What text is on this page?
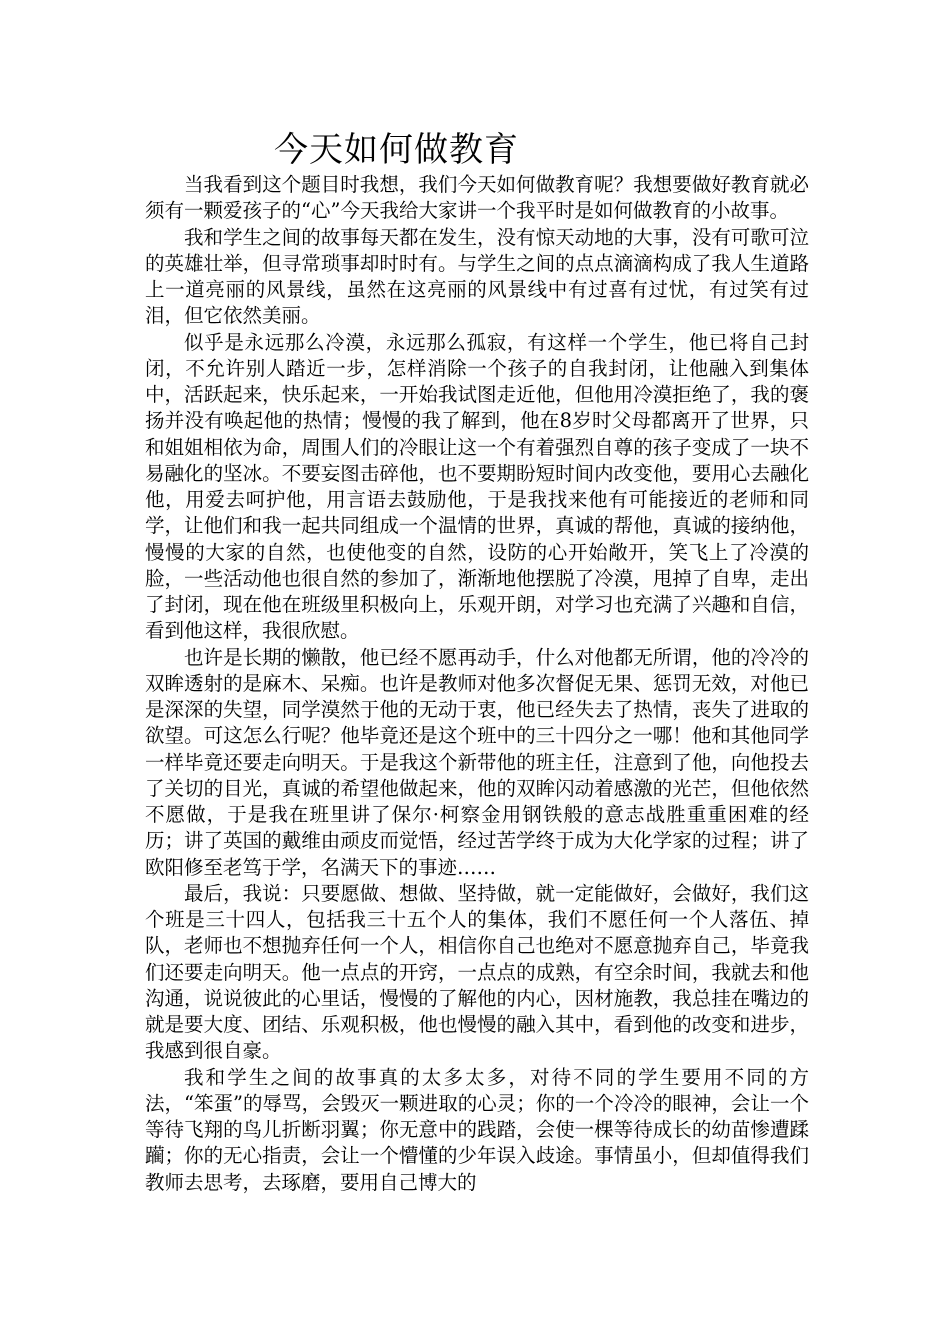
今天如何做教育

当我看到这个题目时我想，我们今天如何做教育呢？我想要做好教育就必须有一颗爱孩子的“心”今天我给大家讲一个我平时是如何做教育的小故事。

我和学生之间的故事每天都在发生，没有惊天动地的大事，没有可歌可泣的英雄壮举，但寻常琐事却时时有。与学生之间的点点滴滴构成了我人生道路上一道亮丽的风景线，虽然在这亮丽的风景线中有过喜有过忧，有过笑有过泪，但它依然美丽。

似乎是永远那么冷漠，永远那么孤寂，有这样一个学生，他已将自己封闭，不允许别人踏近一步，怎样消除一个孩子的自我封闭，让他融入到集体中，活跃起来，快乐起来，一开始我试图走近他，但他用冷漠拒绝了，我的褒扬并没有唤起他的热情；慢慢的我了解到，他在8岁时父母都离开了世界，只和姐姐相依为命，周围人们的冷眼让这一个有着强烈自尊的孩子变成了一块不易融化的坚冰。不要妄图击碎他，也不要期盼短时间内改变他，要用心去融化他，用爱去呵护他，用言语去鼓励他，于是我找来他有可能接近的老师和同学，让他们和我一起共同组成一个温情的世界，真诚的帮他，真诚的接纳他，慢慢的大家的自然，也使他变的自然，设防的心开始敞开，笑飞上了冷漠的脸，一些活动他也很自然的参加了，渐渐地他摆脱了冷漠，甩掉了自卑，走出了封闭，现在他在班级里积极向上，乐观开朗，对学习也充满了兴趣和自信，看到他这样，我很欣慰。

也许是长期的懒散，他已经不愿再动手，什么对他都无所谓，他的冷冷的双眸透射的是麻木、呆痴。也许是教师对他多次督促无果、惩罚无效，对他已是深深的失望，同学漠然于他的无动于衷，他已经失去了热情，丧失了进取的欲望。可这怎么行呢？他毕竟还是这个班中的三十四分之一哪！他和其他同学一样毕竟还要走向明天。于是我这个新带他的班主任，注意到了他，向他投去了关切的目光，真诚的希望他做起来，他的双眸闪动着感激的光芒，但他依然不愿做，于是我在班里讲了保尔·柯察金用钢铁般的意志战胜重重困难的经历；讲了英国的戴维由顽皮而觉悟，经过苦学终于成为大化学家的过程；讲了欧阳修至老笃于学，名满天下的事迹……

最后，我说：只要愿做、想做、坚持做，就一定能做好，会做好，我们这个班是三十四人，包括我三十五个人的集体，我们不愿任何一个人落伍、掉队，老师也不想抛弃任何一个人，相信你自己也绝对不愿意抛弃自己，毕竟我们还要走向明天。他一点点的开窍，一点点的成熟，有空余时间，我就去和他沟通，说说彼此的心里话，慢慢的了解他的内心，因材施教，我总挂在嘴边的就是要大度、团结、乐观积极，他也慢慢的融入其中，看到他的改变和进步，我感到很自豪。

我和学生之间的故事真的太多太多，对待不同的学生要用不同的方法，“笨蛋”的辱骂，会毁灭一颗进取的心灵；你的一个冷冷的眼神，会让一个等待飞翔的鸟儿折断羽翼；你无意中的践踏，会使一棵等待成长的幼苗惨遭蹂躏；你的无心指责，会让一个懵懂的少年误入歧途。事情虽小，但却值得我们教师去思考，去琢磨，要用自己博大的
